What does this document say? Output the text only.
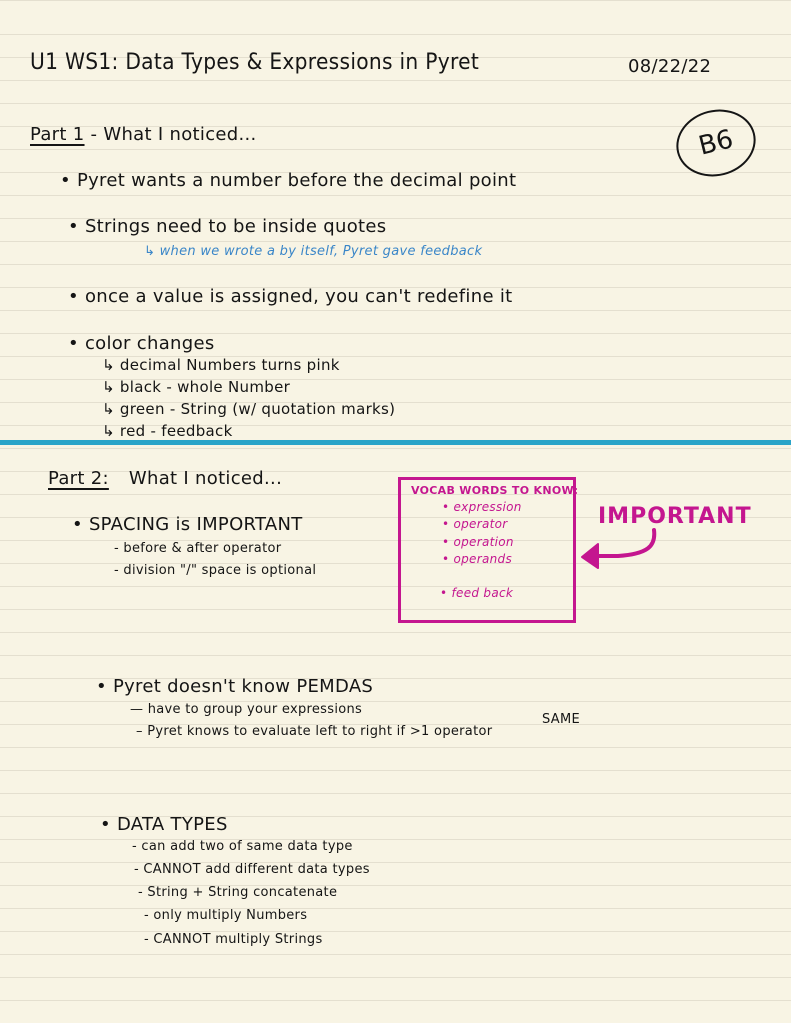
U1 WS1: Data Types & Expressions in Pyret	08/22/22
B6
Part 1 - What I noticed...
• Pyret wants a number before the decimal point
• Strings need to be inside quotes
↳ when we wrote a by itself, Pyret gave feedback
• once a value is assigned, you can't redefine it
• color changes
↳ decimal Numbers turns pink
↳ black - whole Number
↳ green - String (w/ quotation marks)
↳ red - feedback
Part 2: What I noticed...
• SPACING is IMPORTANT
- before & after operator
- division "/" space is optional
VOCAB WORDS TO KNOW:
• expression
• operator
• operation
• operands
• feed back
IMPORTANT
• Pyret doesn't know PEMDAS
— have to group your expressions
SAME
– Pyret knows to evaluate left to right if >1 operator
• DATA TYPES
- can add two of same data type
- CANNOT add different data types
- String + String concatenate
- only multiply Numbers
- CANNOT multiply Strings
